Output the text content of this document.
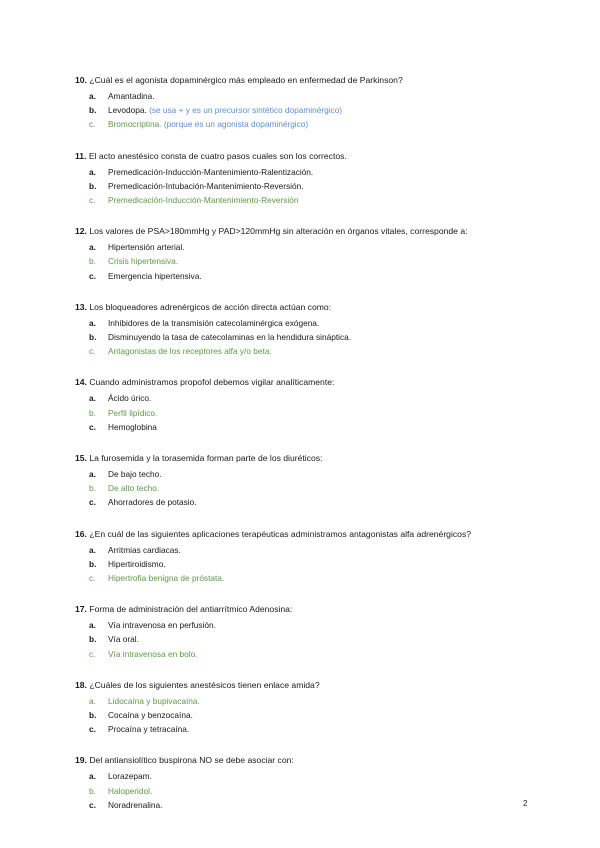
10. ¿Cuál es el agonista dopaminérgico más empleado en enfermedad de Parkinson?
a.	Amantadina.
b.	Levodopa. (se usa + y es un precursor sintético dopaminérgico)
c.	Bromocriptina. (porque es un agonista dopaminérgico)
11. El acto anestésico consta de cuatro pasos cuales son los correctos.
a.	Premedicación-Inducción-Mantenimiento-Ralentización.
b.	Premedicación-Intubación-Mantenimiento-Reversión.
c.	Premedicación-Inducción-Mantenimiento-Reversión
12. Los valores de PSA>180mmHg y PAD>120mmHg sin alteración en órganos vitales, corresponde a:
a.	Hipertensión arterial.
b.	Crisis hipertensiva.
c.	Emergencia hipertensiva.
13. Los bloqueadores adrenérgicos de acción directa actúan como:
a.	Inhibidores de la transmisión catecolaminérgica exógena.
b.	Disminuyendo la tasa de catecolaminas en la hendidura sináptica.
c.	Antagonistas de los receptores alfa y/o beta.
14. Cuando administramos propofol debemos vigilar analíticamente:
a.	Ácido úrico.
b.	Perfil lipídico.
c.	Hemoglobina
15. La furosemida y la torasemida forman parte de los diuréticos:
a.	De bajo techo.
b.	De alto techo.
c.	Ahorradores de potasio.
16. ¿En cuál de las siguientes aplicaciones terapéuticas administramos antagonistas alfa adrenérgicos?
a.	Arritmias cardiacas.
b.	Hipertiroidismo.
c.	Hipertrofia benigna de próstata.
17. Forma de administración del antiarrítmico Adenosina:
a.	Vía intravenosa en perfusión.
b.	Vía oral.
c.	Vía intravenosa en bolo.
18. ¿Cuáles de los siguientes anestésicos tienen enlace amida?
a.	Lidocaína y bupivacaína.
b.	Cocaína y benzocaína.
c.	Procaína y tetracaína.
19. Del antiansiolítico buspirona NO se debe asociar con:
a.	Lorazepam.
b.	Haloperidol.
c.	Noradrenalina.	2
